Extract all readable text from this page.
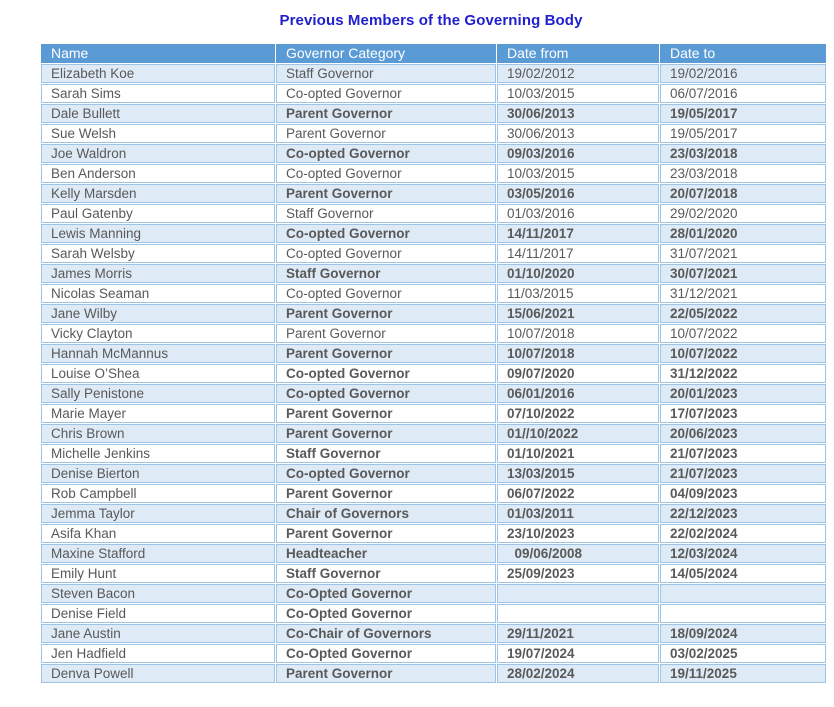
Previous Members of the Governing Body
Name	Governor Category	Date from	Date to
Elizabeth Koe	Staff Governor	19/02/2012	19/02/2016
Sarah Sims	Co-opted Governor	10/03/2015	06/07/2016
Dale Bullett	Parent Governor	30/06/2013	19/05/2017
Sue Welsh	Parent Governor	30/06/2013	19/05/2017
Joe Waldron	Co-opted Governor	09/03/2016	23/03/2018
Ben Anderson	Co-opted Governor	10/03/2015	23/03/2018
Kelly Marsden	Parent Governor	03/05/2016	20/07/2018
Paul Gatenby	Staff Governor	01/03/2016	29/02/2020
Lewis Manning	Co-opted Governor	14/11/2017	28/01/2020
Sarah Welsby	Co-opted Governor	14/11/2017	31/07/2021
James Morris	Staff Governor	01/10/2020	30/07/2021
Nicolas Seaman	Co-opted Governor	11/03/2015	31/12/2021
Jane Wilby	Parent Governor	15/06/2021	22/05/2022
Vicky Clayton	Parent Governor	10/07/2018	10/07/2022
Hannah McMannus	Parent Governor	10/07/2018	10/07/2022
Louise O’Shea	Co-opted Governor	09/07/2020	31/12/2022
Sally Penistone	Co-opted Governor	06/01/2016	20/01/2023
Marie Mayer	Parent Governor	07/10/2022	17/07/2023
Chris Brown	Parent Governor	01//10/2022	20/06/2023
Michelle Jenkins	Staff Governor	01/10/2021	21/07/2023
Denise Bierton	Co-opted Governor	13/03/2015	21/07/2023
Rob Campbell	Parent Governor	06/07/2022	04/09/2023
Jemma Taylor	Chair of Governors	01/03/2011	22/12/2023
Asifa Khan	Parent Governor	23/10/2023	22/02/2024
Maxine Stafford	Headteacher	09/06/2008	12/03/2024
Emily Hunt	Staff Governor	25/09/2023	14/05/2024
Steven Bacon	Co-Opted Governor		
Denise Field	Co-Opted Governor		
Jane Austin	Co-Chair of Governors	29/11/2021	18/09/2024
Jen Hadfield	Co-Opted Governor	19/07/2024	03/02/2025
Denva Powell	Parent Governor	28/02/2024	19/11/2025
